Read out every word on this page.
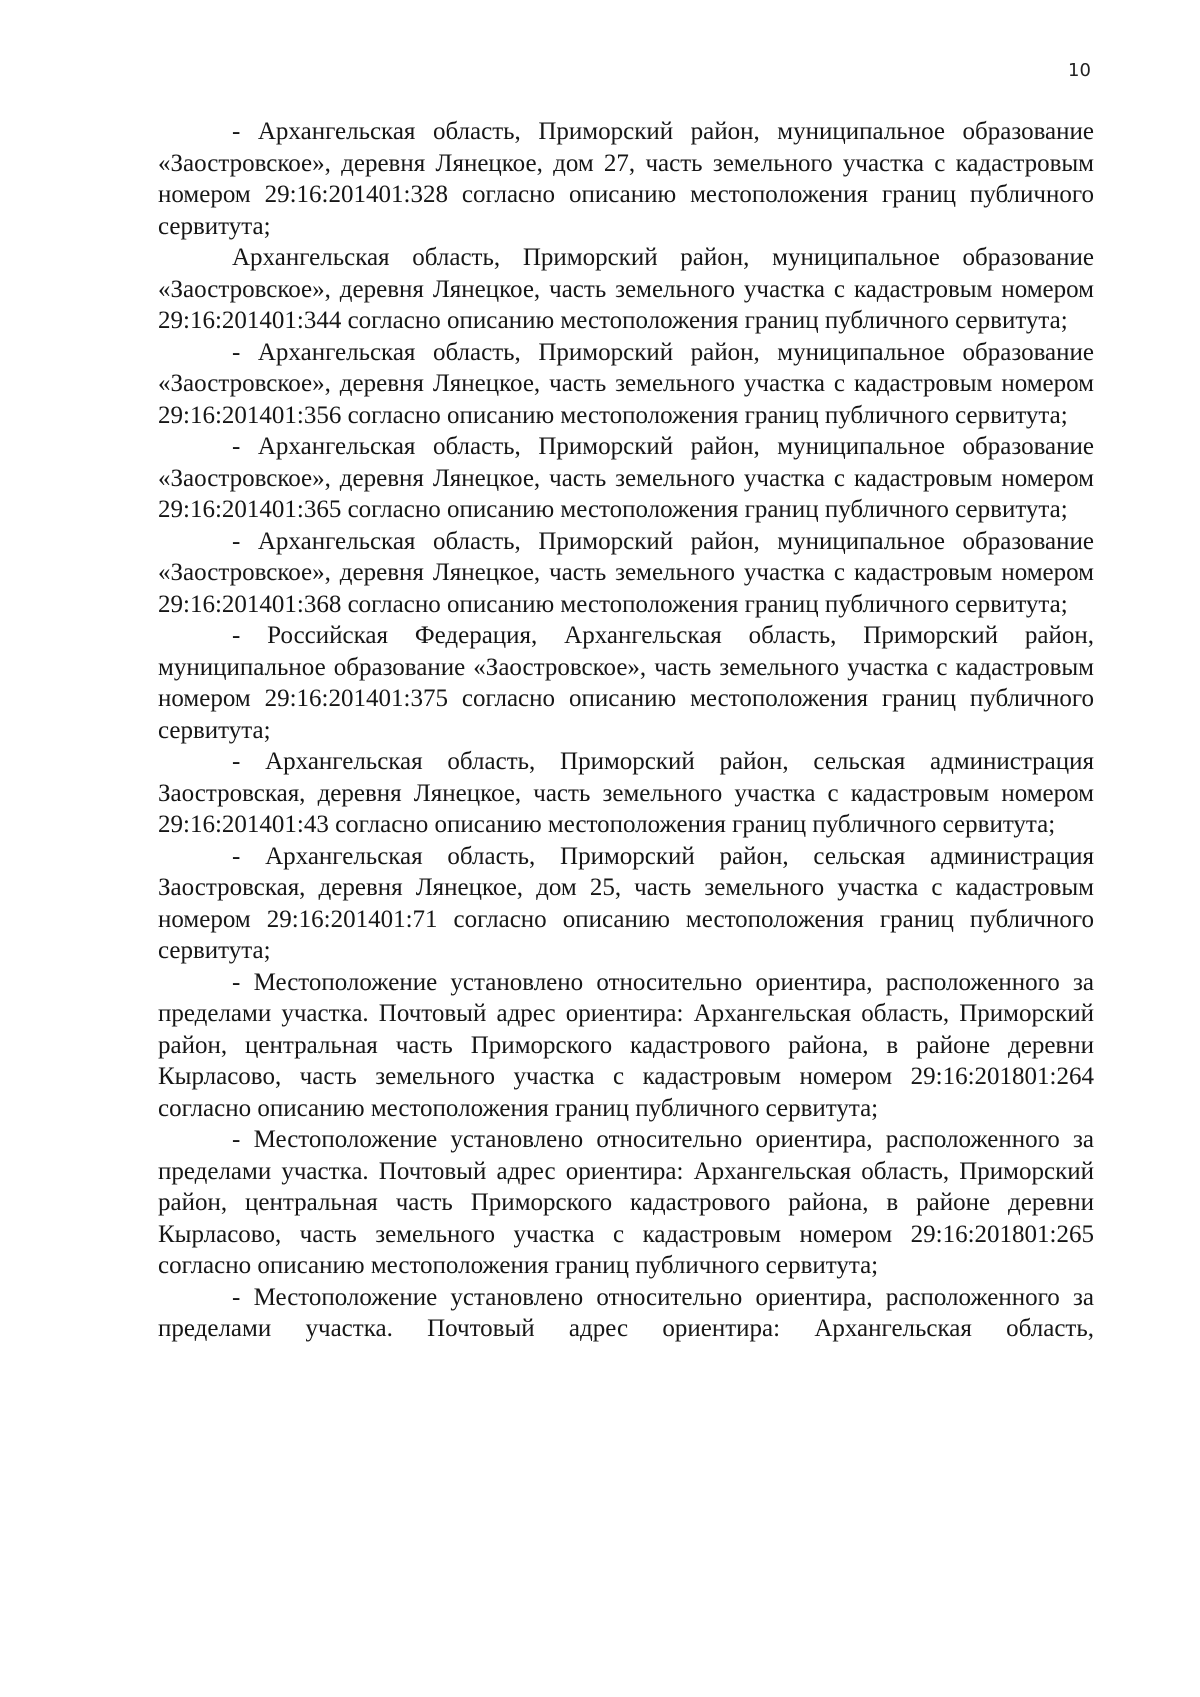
10

- Архангельская область, Приморский район, муниципальное образование «Заостровское», деревня Лянецкое, дом 27, часть земельного участка с кадастровым номером 29:16:201401:328 согласно описанию местоположения границ публичного сервитута;

Архангельская область, Приморский район, муниципальное образование «Заостровское», деревня Лянецкое, часть земельного участка с кадастровым номером 29:16:201401:344 согласно описанию местоположения границ публичного сервитута;

- Архангельская область, Приморский район, муниципальное образование «Заостровское», деревня Лянецкое, часть земельного участка с кадастровым номером 29:16:201401:356 согласно описанию местоположения границ публичного сервитута;

- Архангельская область, Приморский район, муниципальное образование «Заостровское», деревня Лянецкое, часть земельного участка с кадастровым номером 29:16:201401:365 согласно описанию местоположения границ публичного сервитута;

- Архангельская область, Приморский район, муниципальное образование «Заостровское», деревня Лянецкое, часть земельного участка с кадастровым номером 29:16:201401:368 согласно описанию местоположения границ публичного сервитута;

- Российская Федерация, Архангельская область, Приморский район, муниципальное образование «Заостровское», часть земельного участка с кадастровым номером 29:16:201401:375 согласно описанию местоположения границ публичного сервитута;

- Архангельская область, Приморский район, сельская администрация Заостровская, деревня Лянецкое, часть земельного участка с кадастровым номером 29:16:201401:43 согласно описанию местоположения границ публичного сервитута;

- Архангельская область, Приморский район, сельская администрация Заостровская, деревня Лянецкое, дом 25, часть земельного участка с кадастровым номером 29:16:201401:71 согласно описанию местоположения границ публичного сервитута;

- Местоположение установлено относительно ориентира, расположенного за пределами участка. Почтовый адрес ориентира: Архангельская область, Приморский район, центральная часть Приморского кадастрового района, в районе деревни Кырласово, часть земельного участка с кадастровым номером 29:16:201801:264 согласно описанию местоположения границ публичного сервитута;

- Местоположение установлено относительно ориентира, расположенного за пределами участка. Почтовый адрес ориентира: Архангельская область, Приморский район, центральная часть Приморского кадастрового района, в районе деревни Кырласово, часть земельного участка с кадастровым номером 29:16:201801:265 согласно описанию местоположения границ публичного сервитута;

- Местоположение установлено относительно ориентира, расположенного за пределами участка. Почтовый адрес ориентира: Архангельская область,
